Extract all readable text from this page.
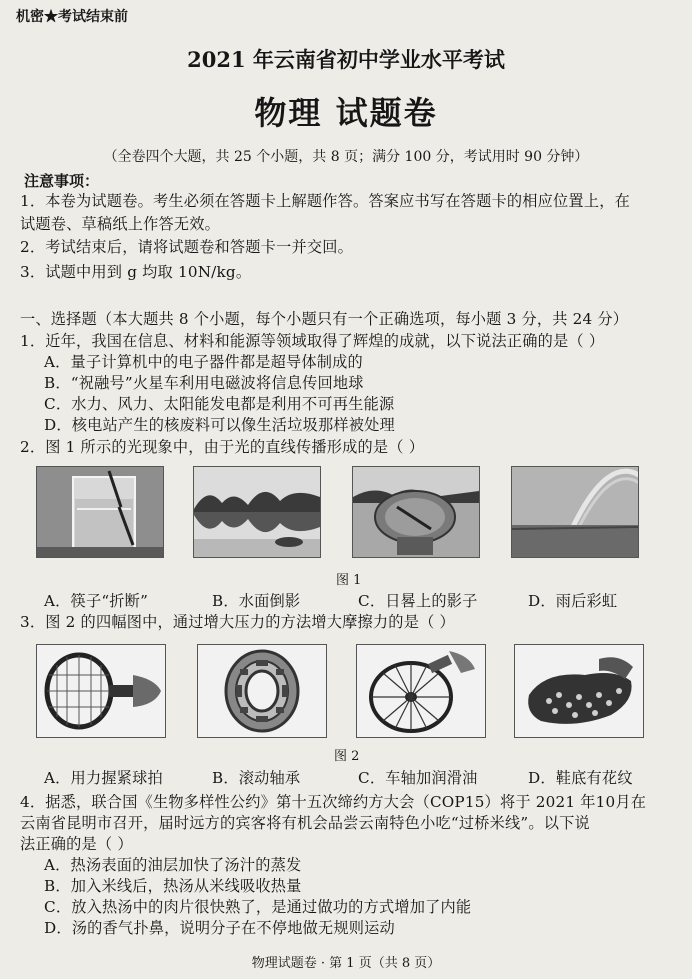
机密★考试结束前
2021 年云南省初中学业水平考试
物理 试题卷
（全卷四个大题，共 25 个小题，共 8 页；满分 100 分，考试用时 90 分钟）
注意事项：
1．本卷为试题卷。考生必须在答题卡上解题作答。答案应书写在答题卡的相应位置上，在
试题卷、草稿纸上作答无效。
2．考试结束后，请将试题卷和答题卡一并交回。
3．试题中用到 g 均取 10N/kg。
一、选择题（本大题共 8 个小题，每个小题只有一个正确选项，每小题 3 分，共 24 分）
1．近年，我国在信息、材料和能源等领域取得了辉煌的成就，以下说法正确的是（ ）
A．量子计算机中的电子器件都是超导体制成的
B．“祝融号”火星车利用电磁波将信息传回地球
C．水力、风力、太阳能发电都是利用不可再生能源
D．核电站产生的核废料可以像生活垃圾那样被处理
2．图 1 所示的光现象中，由于光的直线传播形成的是（ ）
图 1
A．筷子“折断”	B．水面倒影	C．日晷上的影子	D．雨后彩虹
3．图 2 的四幅图中，通过增大压力的方法增大摩擦力的是（ ）
图 2
A．用力握紧球拍	B．滚动轴承	C．车轴加润滑油	D．鞋底有花纹
4．据悉，联合国《生物多样性公约》第十五次缔约方大会（COP15）将于 2021 年10月在
云南省昆明市召开，届时远方的宾客将有机会品尝云南特色小吃“过桥米线”。以下说
法正确的是（ ）
A．热汤表面的油层加快了汤汁的蒸发
B．加入米线后，热汤从米线吸收热量
C．放入热汤中的肉片很快熟了，是通过做功的方式增加了内能
D．汤的香气扑鼻，说明分子在不停地做无规则运动
物理试题卷 · 第 1 页（共 8 页）
